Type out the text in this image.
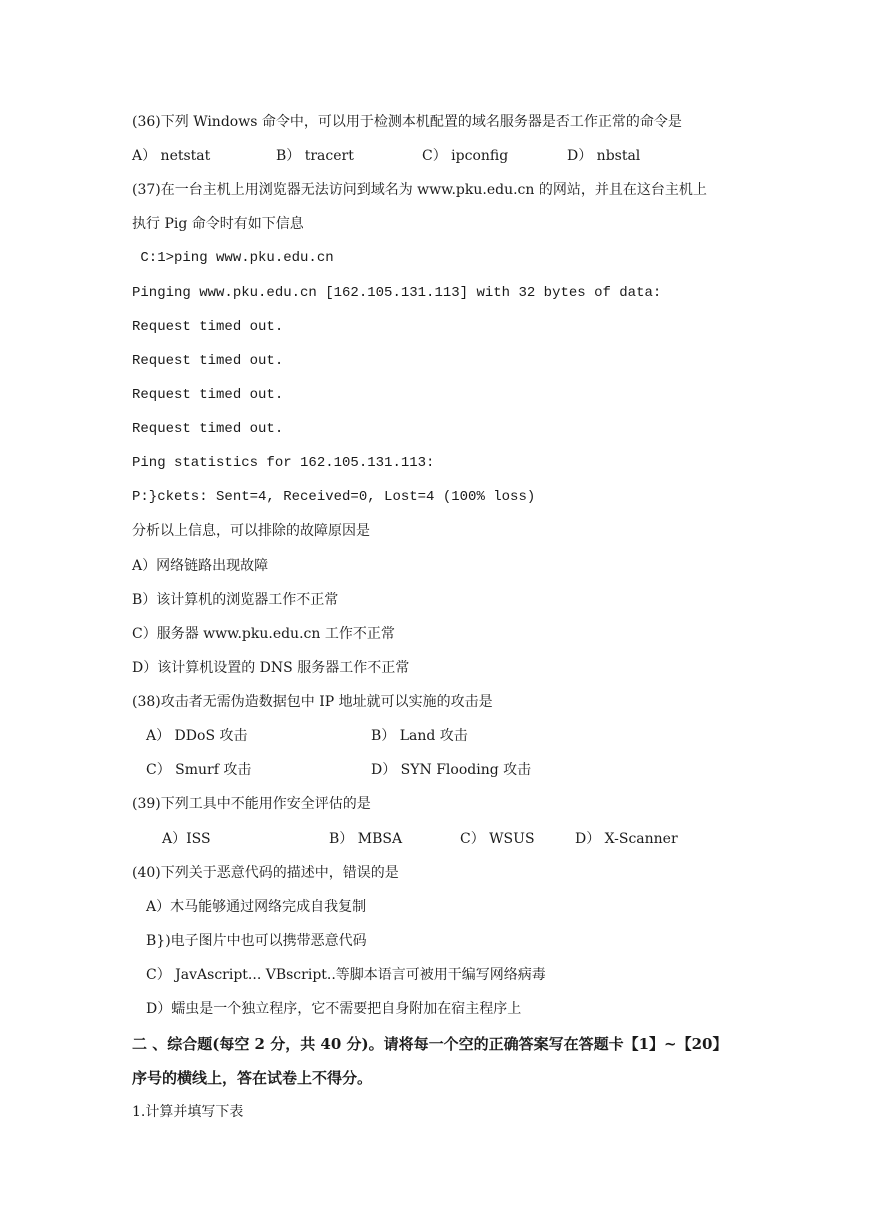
(36)下列 Windows 命令中，可以用于检测本机配置的域名服务器是否工作正常的命令是
A） netstat	B） tracert	C） ipconfig	D） nbstal
(37)在一台主机上用浏览器无法访问到域名为 www.pku.edu.cn 的网站，并且在这台主机上
执行 Pig 命令时有如下信息
C:1>ping www.pku.edu.cn
Pinging www.pku.edu.cn [162.105.131.113] with 32 bytes of data:
Request timed out.
Request timed out.
Request timed out.
Request timed out.
Ping statistics for 162.105.131.113:
P:}ckets: Sent=4, Received=0, Lost=4 (100% loss)
分析以上信息，可以排除的故障原因是
A）网络链路出现故障
B）该计算机的浏览器工作不正常
C）服务器 www.pku.edu.cn 工作不正常
D）该计算机设置的 DNS 服务器工作不正常
(38)攻击者无需伪造数据包中 IP 地址就可以实施的攻击是
A） DDoS 攻击	B） Land 攻击
C） Smurf 攻击	D） SYN Flooding 攻击
(39)下列工具中不能用作安全评估的是
A）ISS	B） MBSA	C） WSUS	D） X-Scanner
(40)下列关于恶意代码的描述中，错误的是
A）木马能够通过网络完成自我复制
B})电子图片中也可以携带恶意代码
C） JavAscript... VBscript..等脚本语言可被用干编写网络病毒
D）蠕虫是一个独立程序，它不需要把自身附加在宿主程序上
二 、综合题(每空 2 分，共 40 分)。请将每一个空的正确答案写在答题卡【1】~【20】
序号的横线上，答在试卷上不得分。
1.计算并填写下表
